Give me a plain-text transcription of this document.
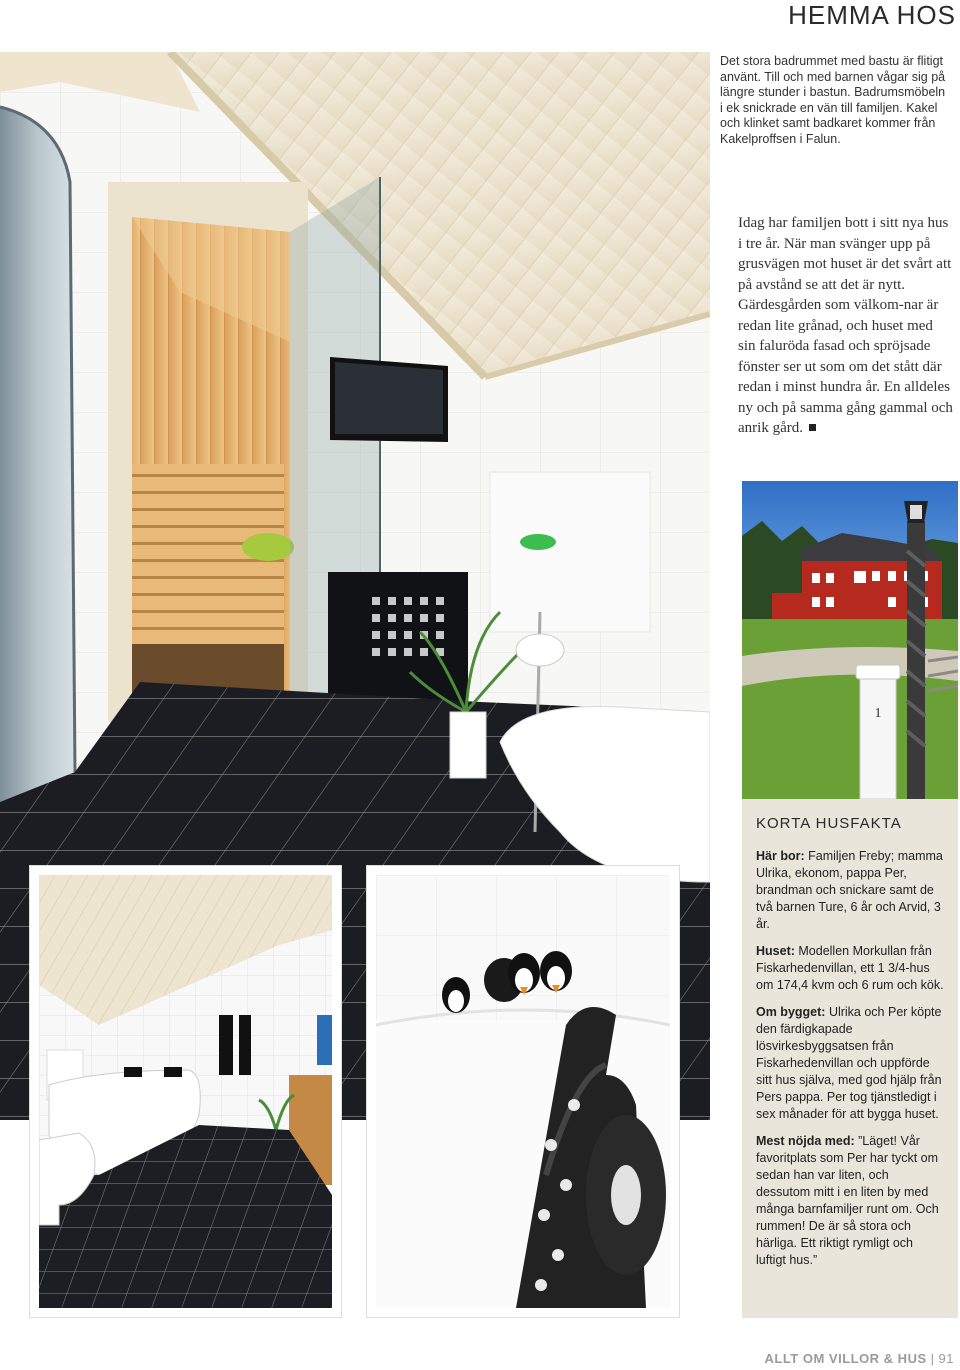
HEMMA HOS
Det stora badrummet med bastu är flitigt använt. Till och med barnen vågar sig på längre stunder i bastun. Badrumsmöbeln i ek snickrade en vän till familjen. Kakel och klinket samt badkaret kommer från Kakelproffsen i Falun.
Idag har familjen bott i sitt nya hus i tre år. När man svänger upp på grusvägen mot huset är det svårt att på avstånd se att det är nytt. Gärdesgården som välkom-nar är redan lite grånad, och huset med sin faluröda fasad och spröjsade fönster ser ut som om det stått där redan i minst hundra år. En alldeles ny och på samma gång gammal och anrik gård.
1
KORTA HUSFAKTA

Här bor: Familjen Freby; mamma Ulrika, ekonom, pappa Per, brandman och snickare samt de två barnen Ture, 6 år och Arvid, 3 år.

Huset: Modellen Morkullan från Fiskarhedenvillan, ett 1 3/4-hus om 174,4 kvm och 6 rum och kök.

Om bygget: Ulrika och Per köpte den färdigkapade lösvirkesbyggsatsen från Fiskarhedenvillan och uppförde sitt hus själva, med god hjälp från Pers pappa. Per tog tjänstledigt i sex månader för att bygga huset.

Mest nöjda med: ”Läget! Vår favoritplats som Per har tyckt om sedan han var liten, och dessutom mitt i en liten by med många barnfamiljer runt om. Och rummen! De är så stora och härliga. Ett riktigt rymligt och luftigt hus.”

ALLT OM VILLOR & HUS | 91
